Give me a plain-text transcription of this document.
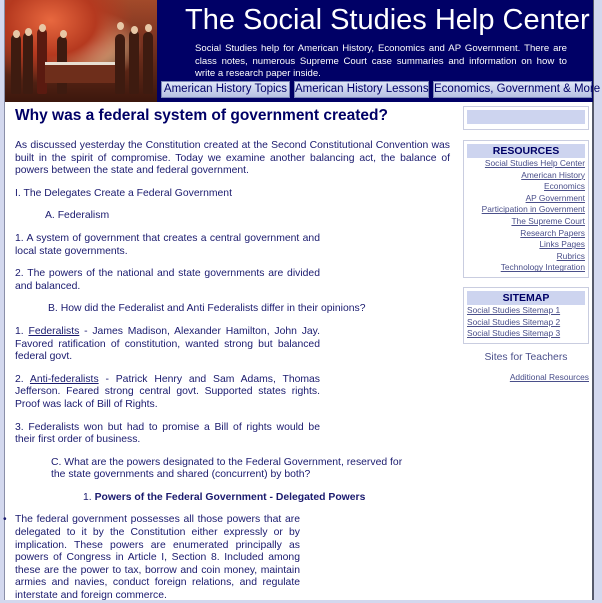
The Social Studies Help Center
Social Studies help for American History, Economics and AP Government. There are class notes, numerous Supreme Court case summaries and information on how to write a research paper inside.
American History Topics American History Lessons Economics, Government & More
Why was a federal system of government created?

As discussed yesterday the Constitution created at the Second Constitutional Convention was built in the spirit of compromise. Today we examine another balancing act, the balance of powers between the state and federal government.

I. The Delegates Create a Federal Government

A. Federalism

1. A system of government that creates a central government and local state governments.

2. The powers of the national and state governments are divided and balanced.

B. How did the Federalist and Anti Federalists differ in their opinions?

1. Federalists - James Madison, Alexander Hamilton, John Jay. Favored ratification of constitution, wanted strong but balanced federal govt.

2. Anti-federalists - Patrick Henry and Sam Adams, Thomas Jefferson. Feared strong central govt. Supported states rights. Proof was lack of Bill of Rights.

3. Federalists won but had to promise a Bill of rights would be their first order of business.

C. What are the powers designated to the Federal Government, reserved for the state governments and shared (concurrent) by both?

1. Powers of the Federal Government - Delegated Powers

• The federal government possesses all those powers that are delegated to it by the Constitution either expressly or by implication. These powers are enumerated principally as powers of Congress in Article I, Section 8. Included among these are the power to tax, borrow and coin money, maintain armies and navies, conduct foreign relations, and regulate interstate and foreign commerce.

RESOURCES
Social Studies Help Center
American History
Economics
AP Government
Participation in Government
The Supreme Court
Research Papers
Links Pages
Rubrics
Technology Integration
SITEMAP
Social Studies Sitemap 1
Social Studies Sitemap 2
Social Studies Sitemap 3
Sites for Teachers
Additional Resources
